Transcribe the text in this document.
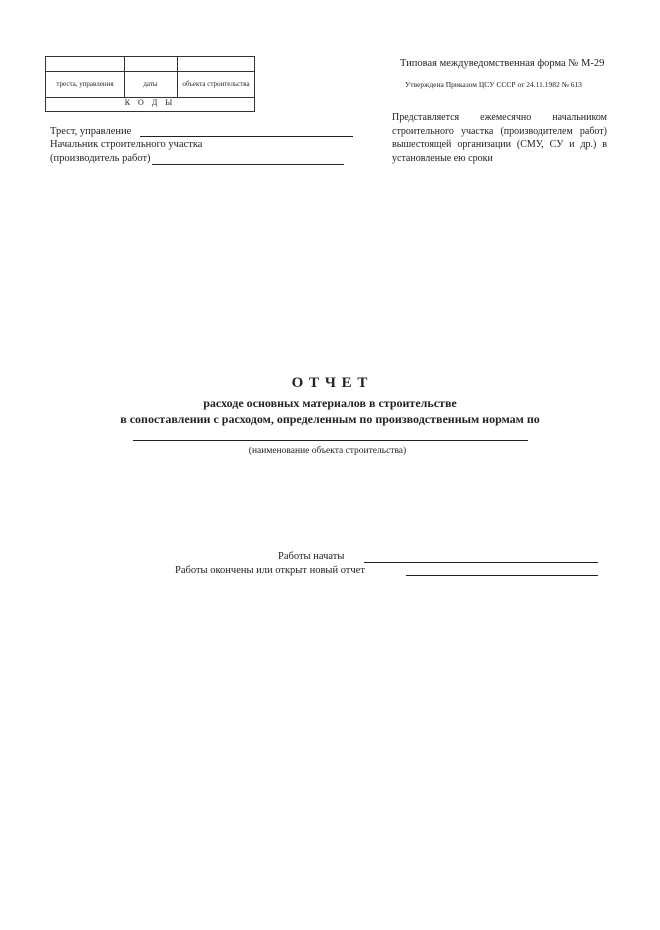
треста, управления	даты	объекта строительства
К О Д Ы
Типовая междуведомственная форма № М-29
Утверждена Приказом ЦСУ СССР от 24.11.1982 № 613
Трест, управление
Начальник строительного участка
(производитель работ)
Представляется ежемесячно начальником строительного участка (производителем работ) вышестоящей организации (СМУ, СУ и др.) в установленые ею сроки
О Т Ч Е Т
расходе основных материалов в строительстве
в сопоставлении с расходом, определенным по производственным нормам по
(наименование объекта строительства)
Работы начаты
Работы окончены или открыт новый отчет
